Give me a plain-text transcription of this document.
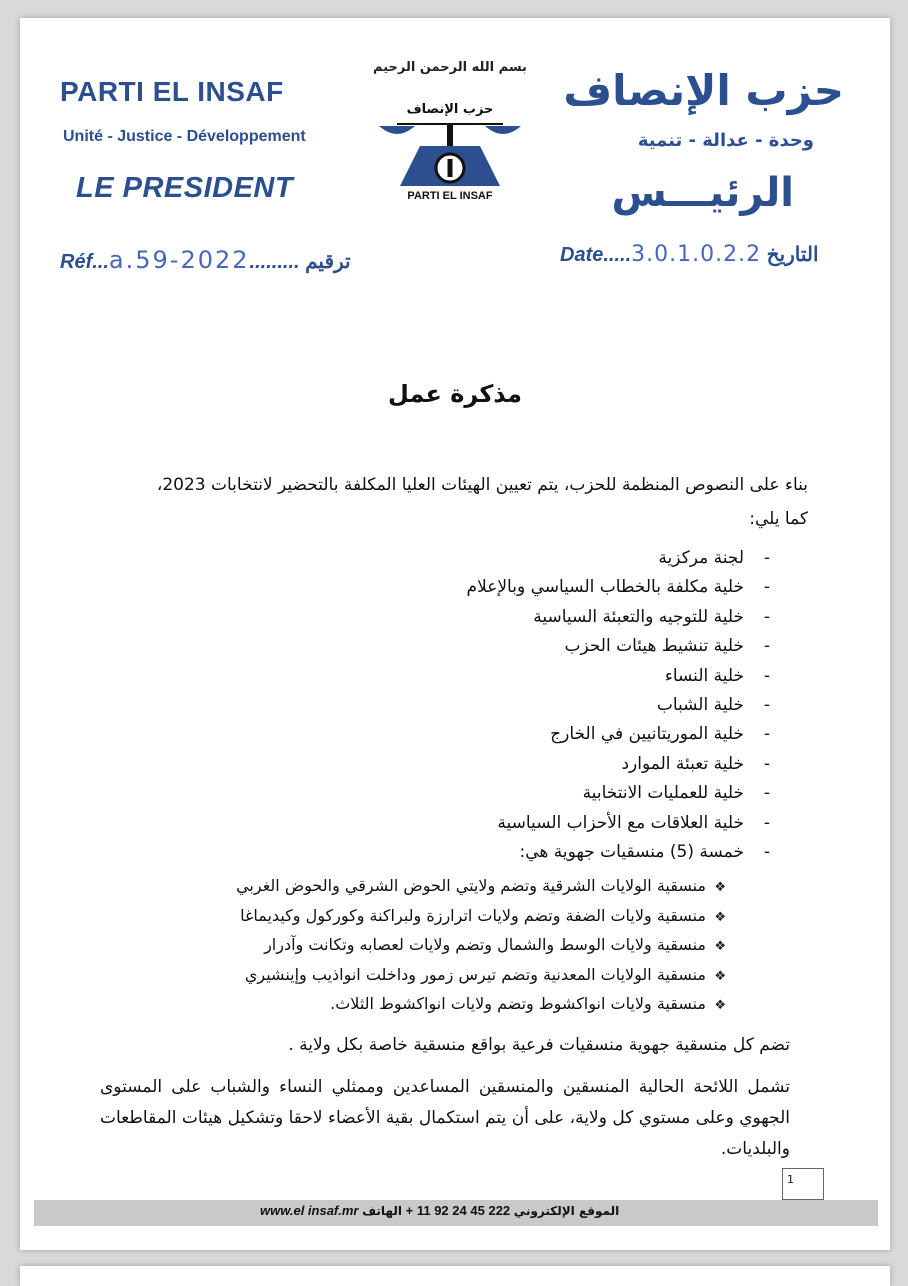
PARTI EL INSAF
Unité - Justice - Développement
LE PRESIDENT
Réf...a.59-2022......... ترقيم
بسم الله الرحمن الرحيم
حزب الإنصاف
PARTI EL INSAF
حزب الإنصاف
وحدة - عدالة - تنمية
الرئيـــس
Date.....3.0.1.0.2.2 التاريخ
مذكرة عمل
بناء على النصوص المنظمة للحزب، يتم تعيين الهيئات العليا المكلفة بالتحضير لانتخابات 2023، كما يلي:
-لجنة مركزية
-خلية مكلفة بالخطاب السياسي وبالإعلام
-خلية للتوجيه والتعبئة السياسية
-خلية تنشيط هيئات الحزب
-خلية النساء
-خلية الشباب
-خلية الموريتانيين في الخارج
-خلية تعبئة الموارد
-خلية للعمليات الانتخابية
-خلية العلاقات مع الأحزاب السياسية
-خمسة (5) منسقيات جهوية هي:
❖منسقية الولايات الشرقية وتضم ولايتي الحوض الشرقي والحوض الغربي
❖منسقية ولايات الضفة وتضم ولايات اترارزة ولبراكنة وكوركول وكيديماغا
❖منسقية ولايات الوسط والشمال وتضم ولايات لعصابه وتكانت وآدرار
❖منسقية الولايات المعدنية وتضم تيرس زمور وداخلت انواذيب وإينشيري
❖منسقية ولايات انواكشوط وتضم ولايات انواكشوط الثلاث.
تضم كل منسقية جهوية منسقيات فرعية بواقع منسقية خاصة بكل ولاية .
تشمل اللائحة الحالية المنسقين والمنسقين المساعدين وممثلي النساء والشباب على المستوى الجهوي وعلى مستوي كل ولاية، على أن يتم استكمال بقية الأعضاء لاحقا وتشكيل هيئات المقاطعات والبلديات.
1
www.el insaf.mr	الموقع الإلكتروني 222 45 24 92 11 + الهاتف
